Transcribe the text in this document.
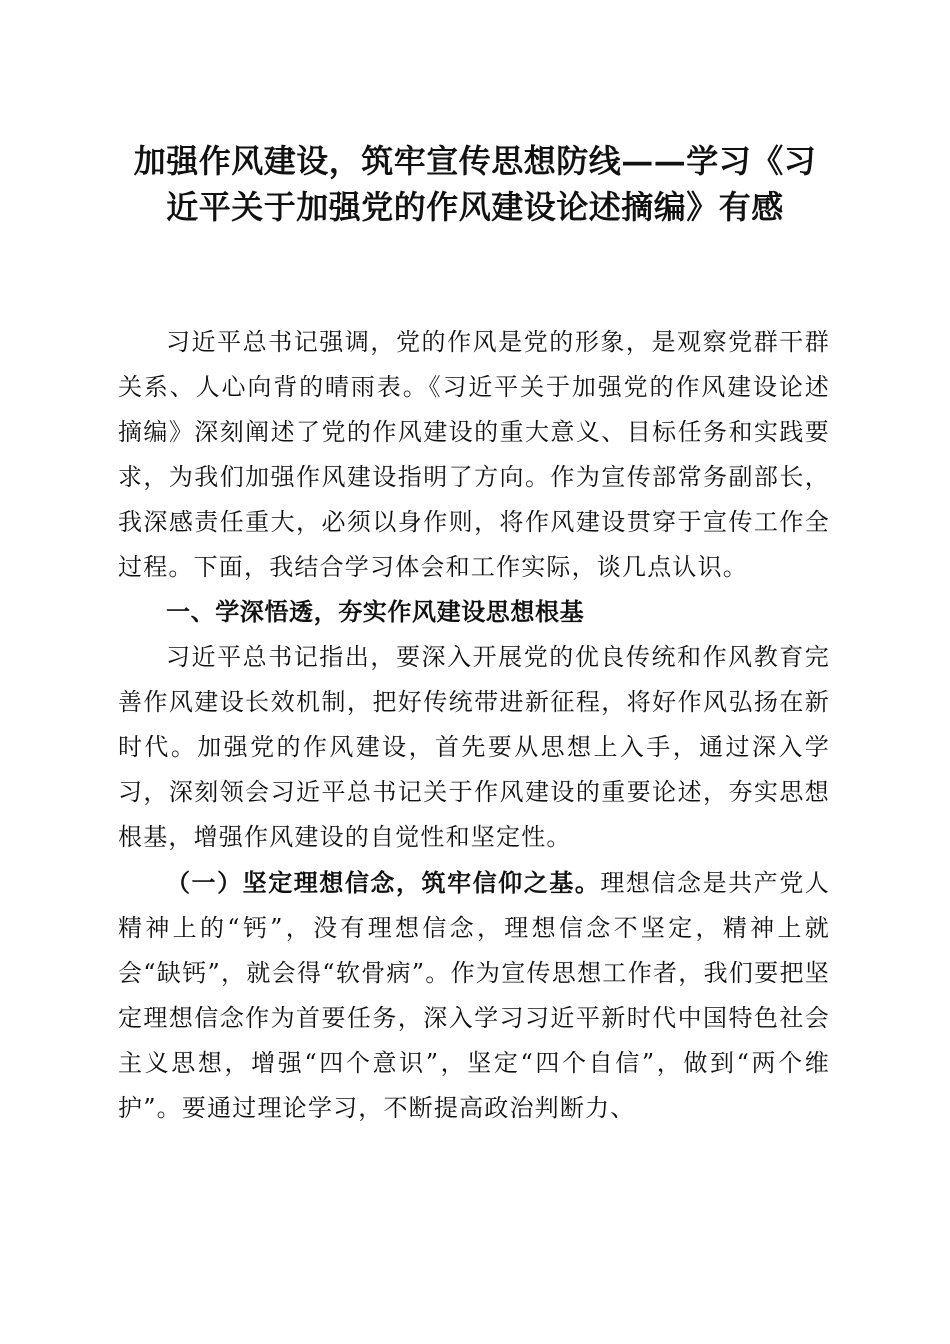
加强作风建设，筑牢宣传思想防线——学习《习近平关于加强党的作风建设论述摘编》有感

习近平总书记强调，党的作风是党的形象，是观察党群干群关系、人心向背的晴雨表。《习近平关于加强党的作风建设论述摘编》深刻阐述了党的作风建设的重大意义、目标任务和实践要求，为我们加强作风建设指明了方向。作为宣传部常务副部长，我深感责任重大，必须以身作则，将作风建设贯穿于宣传工作全过程。下面，我结合学习体会和工作实际，谈几点认识。

一、学深悟透，夯实作风建设思想根基

习近平总书记指出，要深入开展党的优良传统和作风教育完善作风建设长效机制，把好传统带进新征程，将好作风弘扬在新时代。加强党的作风建设，首先要从思想上入手，通过深入学习，深刻领会习近平总书记关于作风建设的重要论述，夯实思想根基，增强作风建设的自觉性和坚定性。

（一）坚定理想信念，筑牢信仰之基。理想信念是共产党人精神上的“钙”，没有理想信念，理想信念不坚定，精神上就会“缺钙”，就会得“软骨病”。作为宣传思想工作者，我们要把坚定理想信念作为首要任务，深入学习习近平新时代中国特色社会主义思想，增强“四个意识”，坚定“四个自信”，做到“两个维护”。要通过理论学习，不断提高政治判断力、
